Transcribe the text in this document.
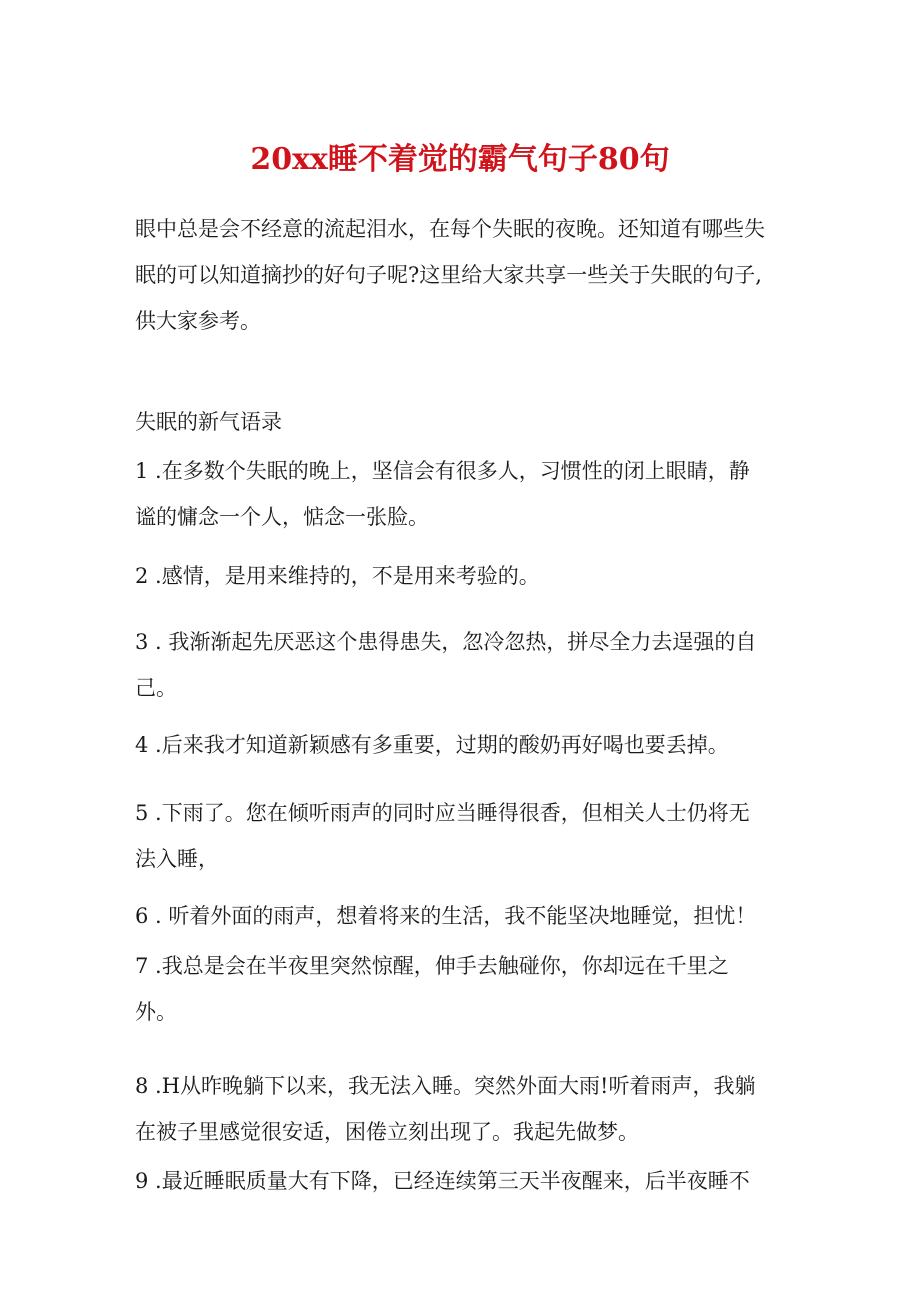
20xx睡不着觉的霸气句子80句
眼中总是会不经意的流起泪水，在每个失眠的夜晚。还知道有哪些失
眠的可以知道摘抄的好句子呢?这里给大家共享一些关于失眠的句子,
供大家参考。
失眠的新气语录
1 .在多数个失眠的晚上，坚信会有很多人，习惯性的闭上眼睛，静
谧的慵念一个人，惦念一张脸。
2 .感情，是用来维持的，不是用来考验的。
3 . 我渐渐起先厌恶这个患得患失，忽冷忽热，拼尽全力去逞强的自
己。
4 .后来我才知道新颖感有多重要，过期的酸奶再好喝也要丢掉。
5 .下雨了。您在倾听雨声的同时应当睡得很香，但相关人士仍将无
法入睡，
6 . 听着外面的雨声，想着将来的生活，我不能坚决地睡觉，担忧！
7 .我总是会在半夜里突然惊醒，伸手去触碰你，你却远在千里之
外。
8 .H从昨晚躺下以来，我无法入睡。突然外面大雨!听着雨声，我躺
在被子里感觉很安适，困倦立刻出现了。我起先做梦。
9 .最近睡眠质量大有下降，已经连续第三天半夜醒来，后半夜睡不
